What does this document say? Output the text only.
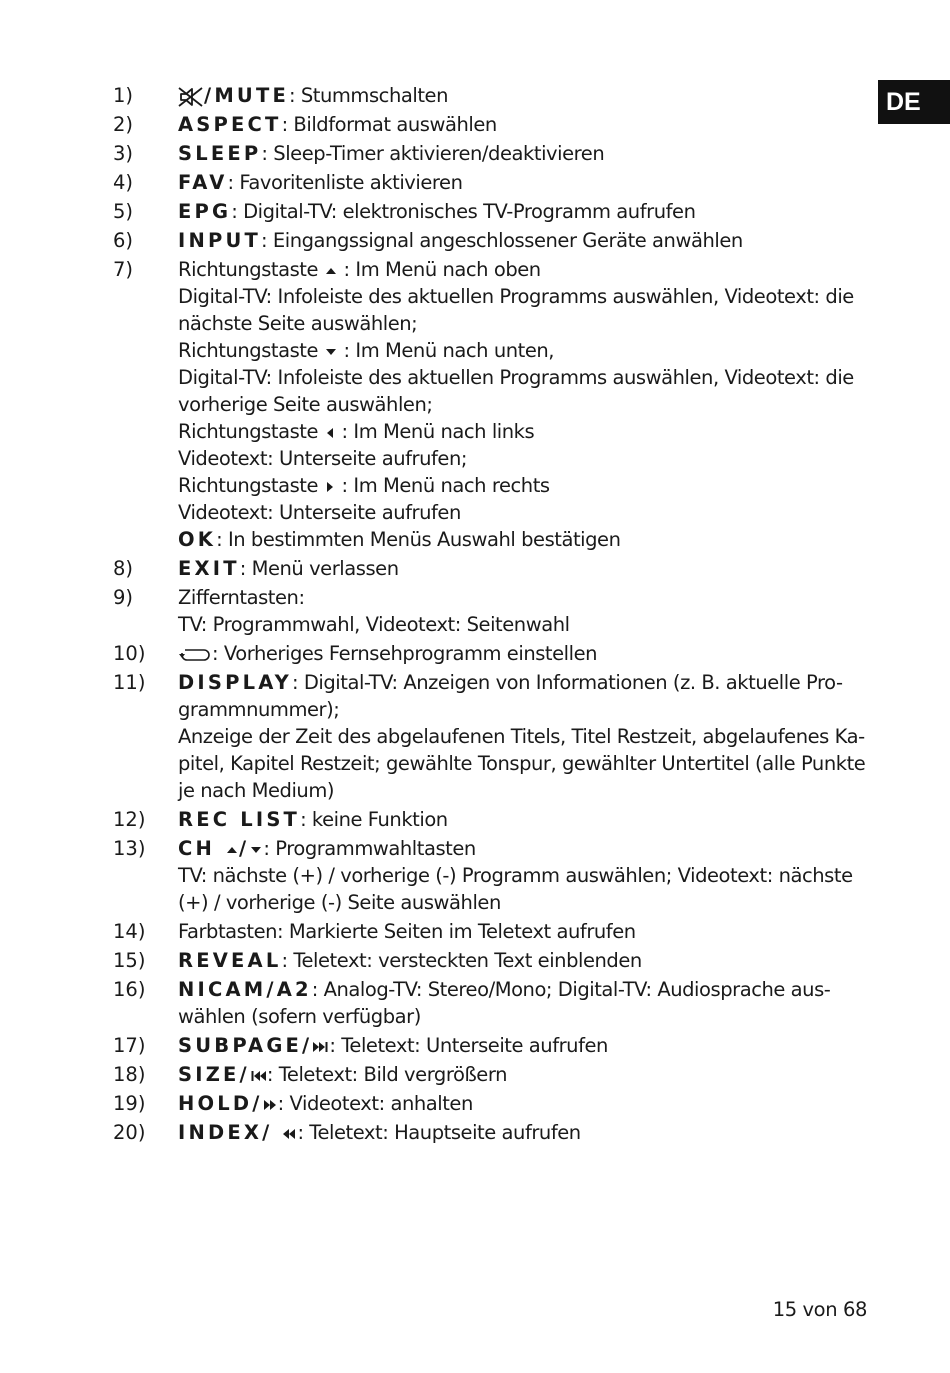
DE
1)	/MUTE: Stummschalten
2)	ASPECT: Bildformat auswählen
3)	SLEEP: Sleep-Timer aktivieren/deaktivieren
4)	FAV: Favoritenliste aktivieren
5)	EPG: Digital-TV: elektronisches TV-Programm aufrufen
6)	INPUT: Eingangssignal angeschlossener Geräte anwählen
7)	Richtungstaste
: Im Menü nach oben
Digital-TV: Infoleiste des aktuellen Programms auswählen, Videotext: die
nächste Seite auswählen;
Richtungstaste
: Im Menü nach unten,
Digital-TV: Infoleiste des aktuellen Programms auswählen, Videotext: die
vorherige Seite auswählen;
Richtungstaste
: Im Menü nach links
Videotext: Unterseite aufrufen;
Richtungstaste
: Im Menü nach rechts
Videotext: Unterseite aufrufen
OK: In bestimmten Menüs Auswahl bestätigen
8)	EXIT: Menü verlassen
9)	Zifferntasten:
TV: Programmwahl, Videotext: Seitenwahl
10)	: Vorheriges Fernsehprogramm einstellen
11)	DISPLAY: Digital-TV: Anzeigen von Informationen (z. B. aktuelle Pro-
grammnummer);
Anzeige der Zeit des abgelaufenen Titels, Titel Restzeit, abgelaufenes Ka-
pitel, Kapitel Restzeit; gewählte Tonspur, gewählter Untertitel (alle Punkte
je nach Medium)
12)	REC LIST: keine Funktion
13)	CH
/ : Programmwahltasten
TV: nächste (+) / vorherige (-) Programm auswählen; Videotext: nächste
(+) / vorherige (-) Seite auswählen
14)	Farbtasten: Markierte Seiten im Teletext aufrufen
15)	REVEAL: Teletext: versteckten Text einblenden
16)	NICAM/A2: Analog-TV: Stereo/Mono; Digital-TV: Audiosprache aus-
wählen (sofern verfügbar)
17)	SUBPAGE/ : Teletext: Unterseite aufrufen
18)	SIZE/ : Teletext: Bild vergrößern
19)	HOLD/ : Videotext: anhalten
20)	INDEX/
: Teletext: Hauptseite aufrufen
15 von 68
